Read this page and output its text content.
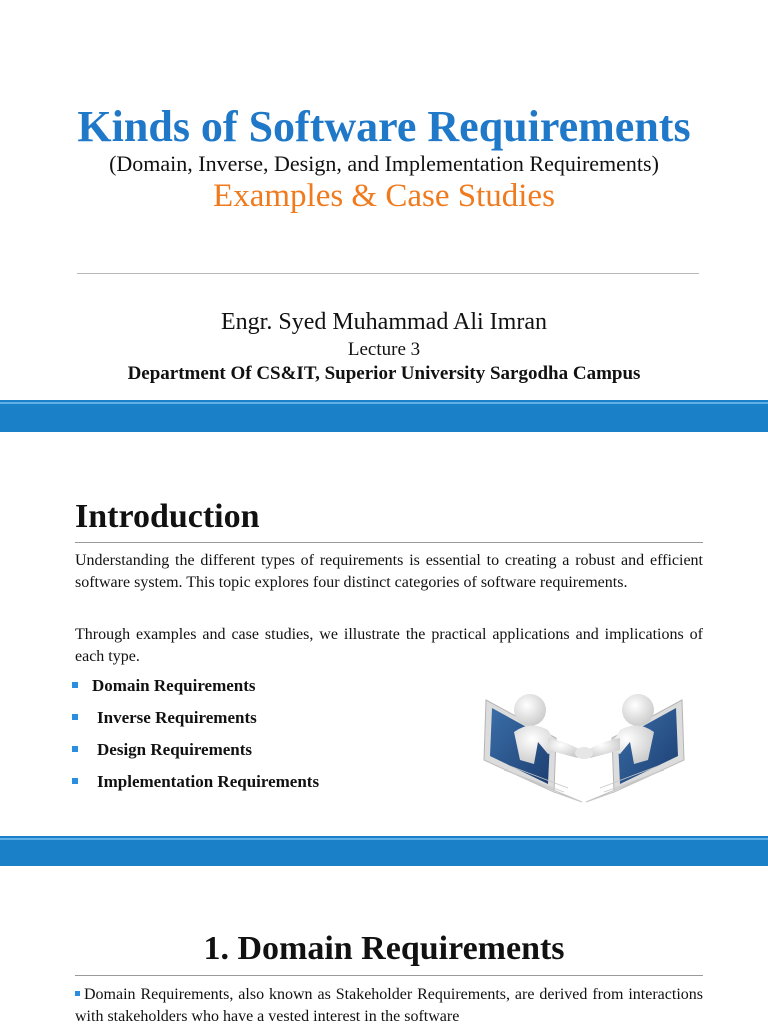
Kinds of Software Requirements
(Domain, Inverse, Design, and Implementation Requirements)
Examples & Case Studies
Engr. Syed Muhammad Ali Imran
Lecture 3
Department Of CS&IT, Superior University Sargodha Campus
Introduction

Understanding the different types of requirements is essential to creating a robust and efficient software system. This topic explores four distinct categories of software requirements.

Through examples and case studies, we illustrate the practical applications and implications of each type.

Domain Requirements
Inverse Requirements
Design Requirements
Implementation Requirements
1. Domain Requirements

Domain Requirements, also known as Stakeholder Requirements, are derived from interactions with stakeholders who have a vested interest in the software
